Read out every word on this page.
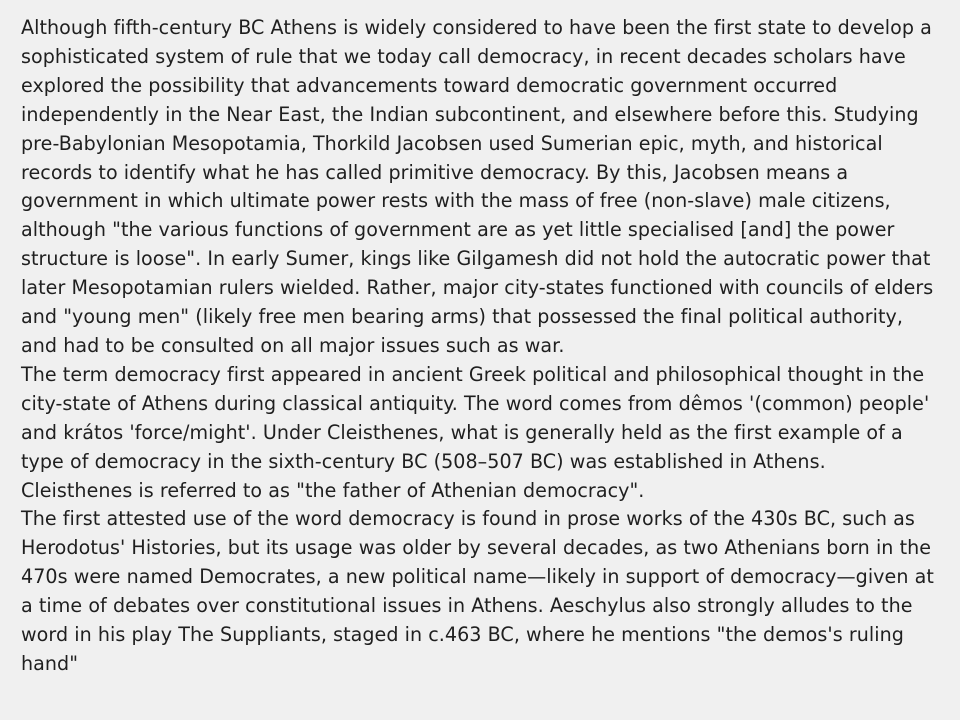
Although fifth-century BC Athens is widely considered to have been the first state to develop a sophisticated system of rule that we today call democracy, in recent decades scholars have explored the possibility that advancements toward democratic government occurred independently in the Near East, the Indian subcontinent, and elsewhere before this. Studying pre-Babylonian Mesopotamia, Thorkild Jacobsen used Sumerian epic, myth, and historical records to identify what he has called primitive democracy. By this, Jacobsen means a government in which ultimate power rests with the mass of free (non-slave) male citizens, although "the various functions of government are as yet little specialised [and] the power structure is loose". In early Sumer, kings like Gilgamesh did not hold the autocratic power that later Mesopotamian rulers wielded. Rather, major city-states functioned with councils of elders and "young men" (likely free men bearing arms) that possessed the final political authority, and had to be consulted on all major issues such as war.

The term democracy first appeared in ancient Greek political and philosophical thought in the city-state of Athens during classical antiquity. The word comes from dêmos '(common) people' and krátos 'force/might'. Under Cleisthenes, what is generally held as the first example of a type of democracy in the sixth-century BC (508–507 BC) was established in Athens. Cleisthenes is referred to as "the father of Athenian democracy".

The first attested use of the word democracy is found in prose works of the 430s BC, such as Herodotus' Histories, but its usage was older by several decades, as two Athenians born in the 470s were named Democrates, a new political name—likely in support of democracy—given at a time of debates over constitutional issues in Athens. Aeschylus also strongly alludes to the word in his play The Suppliants, staged in c.463 BC, where he mentions "the demos's ruling hand"
